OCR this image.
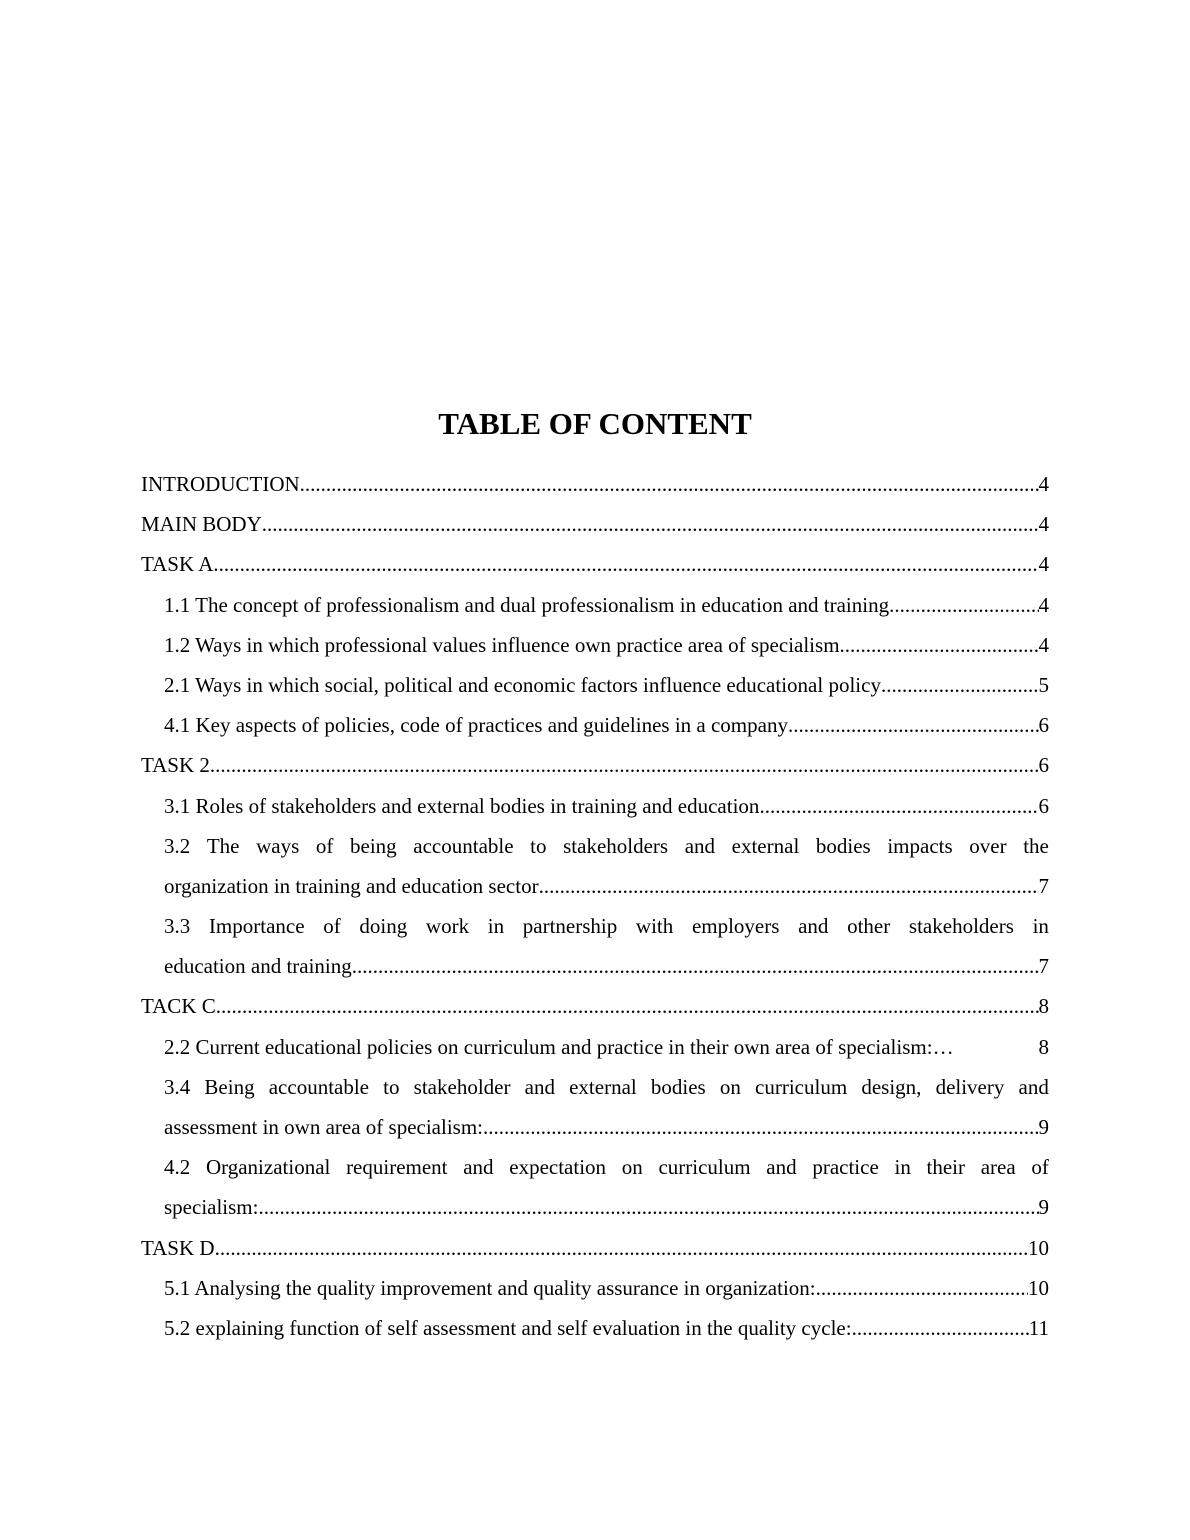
TABLE OF CONTENT
INTRODUCTION .....	4
MAIN BODY .....	4
TASK A .....	4
1.1 The concept of professionalism and dual professionalism in education and training .....	4
1.2 Ways in which professional values influence own practice area of specialism .....	4
2.1 Ways in which social, political and economic factors influence educational policy .....	5
4.1 Key aspects of policies, code of practices and guidelines in a company .....	6
TASK 2 .....	6
3.1 Roles of stakeholders and external bodies in training and education .....	6
3.2 The ways of being accountable to stakeholders and external bodies impacts over the
organization in training and education sector .....	7
3.3 Importance of doing work in partnership with employers and other stakeholders in
education and training .....	7
TACK C .....	8
2.2 Current educational policies on curriculum and practice in their own area of specialism: …	8
3.4 Being accountable to stakeholder and external bodies on curriculum design, delivery and
assessment in own area of specialism: .....	9
4.2 Organizational requirement and expectation on curriculum and practice in their area of
specialism: .....	9
TASK D .....	10
5.1 Analysing the quality improvement and quality assurance in organization: .....	10
5.2 explaining function of self assessment and self evaluation in the quality cycle: .....	11
